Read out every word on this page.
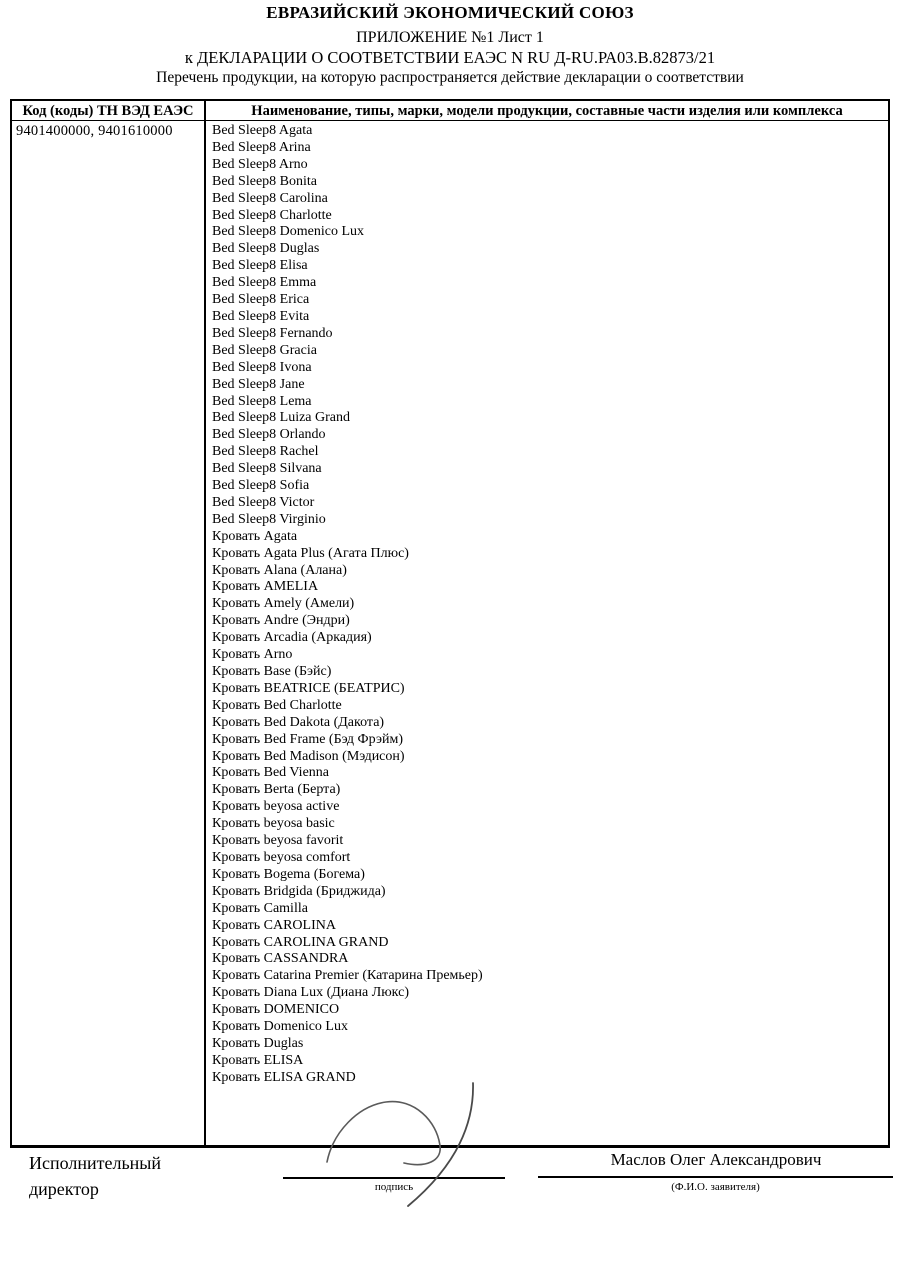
ЕВРАЗИЙСКИЙ ЭКОНОМИЧЕСКИЙ СОЮЗ
ПРИЛОЖЕНИЕ №1 Лист 1
к ДЕКЛАРАЦИИ О СООТВЕТСТВИИ ЕАЭС N RU Д-RU.РА03.В.82873/21
Перечень продукции, на которую распространяется действие декларации о соответствии
Код (коды) ТН ВЭД ЕАЭС	Наименование, типы, марки, модели продукции, составные части изделия или комплекса
9401400000, 9401610000	Bed Sleep8 Agata
Bed Sleep8 Arina
Bed Sleep8 Arno
Bed Sleep8 Bonita
Bed Sleep8 Carolina
Bed Sleep8 Charlotte
Bed Sleep8 Domenico Lux
Bed Sleep8 Duglas
Bed Sleep8 Elisa
Bed Sleep8 Emma
Bed Sleep8 Erica
Bed Sleep8 Evita
Bed Sleep8 Fernando
Bed Sleep8 Gracia
Bed Sleep8 Ivona
Bed Sleep8 Jane
Bed Sleep8 Lema
Bed Sleep8 Luiza Grand
Bed Sleep8 Orlando
Bed Sleep8 Rachel
Bed Sleep8 Silvana
Bed Sleep8 Sofia
Bed Sleep8 Victor
Bed Sleep8 Virginio
Кровать Agata
Кровать Agata Plus (Агата Плюс)
Кровать Alana (Алана)
Кровать AMELIA
Кровать Amely (Амели)
Кровать Andre (Эндри)
Кровать Arcadia (Аркадия)
Кровать Arno
Кровать Base (Бэйс)
Кровать BEATRICE (БЕАТРИС)
Кровать Bed Charlotte
Кровать Bed Dakota (Дакота)
Кровать Bed Frame (Бэд Фрэйм)
Кровать Bed Madison (Мэдисон)
Кровать Bed Vienna
Кровать Berta (Берта)
Кровать beyosa active
Кровать beyosa basic
Кровать beyosa favorit
Кровать beyosa comfort
Кровать Bogema (Богема)
Кровать Bridgida (Бриджида)
Кровать Camilla
Кровать CAROLINA
Кровать CAROLINA GRAND
Кровать CASSANDRA
Кровать Catarina Premier (Катарина Премьер)
Кровать Diana Lux (Диана Люкс)
Кровать DOMENICO
Кровать Domenico Lux
Кровать Duglas
Кровать ELISA
Кровать ELISA GRAND
Исполнительный директор	подпись
Маслов Олег Александрович
(Ф.И.О. заявителя)
